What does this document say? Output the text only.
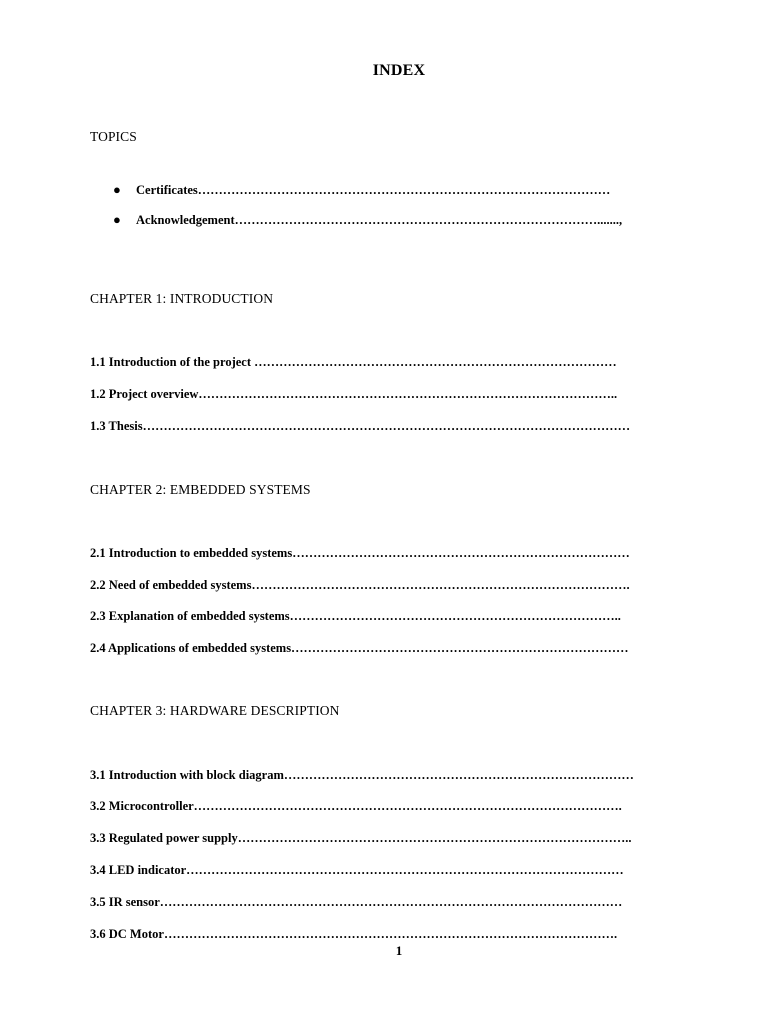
INDEX
TOPICS
● Certificates………………………………………………………………………………………
● Acknowledgement…………………………………………………………………………….......,
CHAPTER 1: INTRODUCTION
1.1 Introduction of the project ……………………………………………………………………………
1.2 Project overview………………………………………………………………………………………..
1.3 Thesis………………………………………………………………………………………………………
CHAPTER 2: EMBEDDED SYSTEMS
2.1 Introduction to embedded systems………………………………………………………………………
2.2 Need of embedded systems……………………………………………………………………………….
2.3 Explanation of embedded systems……………………………………………………………………..
2.4 Applications of embedded systems………………………………………………………………………
CHAPTER 3: HARDWARE DESCRIPTION
3.1 Introduction with block diagram…………………………………………………………………………
3.2 Microcontroller………………………………………………………………………………………….
3.3 Regulated power supply…………………………………………………………………………………..
3.4 LED indicator……………………………………………………………………………………………
3.5 IR sensor…………………………………………………………………………………………………
3.6 DC Motor……………………………………………………………………………………………….
1
